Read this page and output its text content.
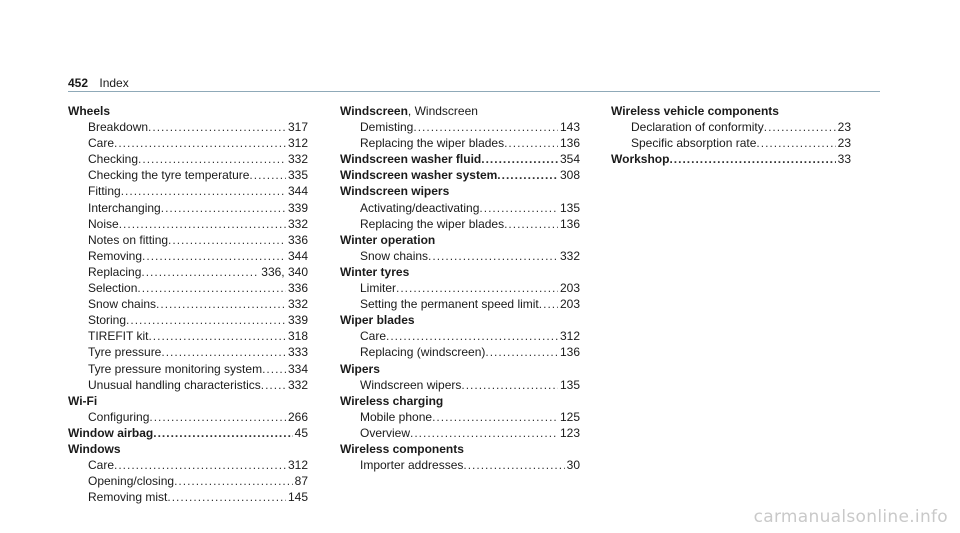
452 Index
Wheels
Breakdown .....	317
Care .....	312
Checking .....	332
Checking the tyre temperature .....	335
Fitting .....	344
Interchanging .....	339
Noise .....	332
Notes on fitting .....	336
Removing .....	344
Replacing .....	336, 340
Selection .....	336
Snow chains .....	332
Storing .....	339
TIREFIT kit .....	318
Tyre pressure .....	333
Tyre pressure monitoring system ..... 334
Unusual handling characteristics ..... 332
Wi-Fi
Configuring .....	266
Window airbag .....	45
Windows
Care .....	312
Opening/closing .....	87
Removing mist .....	145
Windscreen, Windscreen
Demisting .....	143
Replacing the wiper blades .....	136
Windscreen washer fluid .....	354
Windscreen washer system .....	308
Windscreen wipers
Activating/deactivating .....	135
Replacing the wiper blades .....	136
Winter operation
Snow chains .....	332
Winter tyres
Limiter .....	203
Setting the permanent speed limit ..... 203
Wiper blades
Care .....	312
Replacing (windscreen) .....	136
Wipers
Windscreen wipers .....	135
Wireless charging
Mobile phone .....	125
Overview .....	123
Wireless components
Importer addresses .....	30
Wireless vehicle components
Declaration of conformity .....	23
Specific absorption rate .....	23
Workshop .....	33
carmanualsonline.info
